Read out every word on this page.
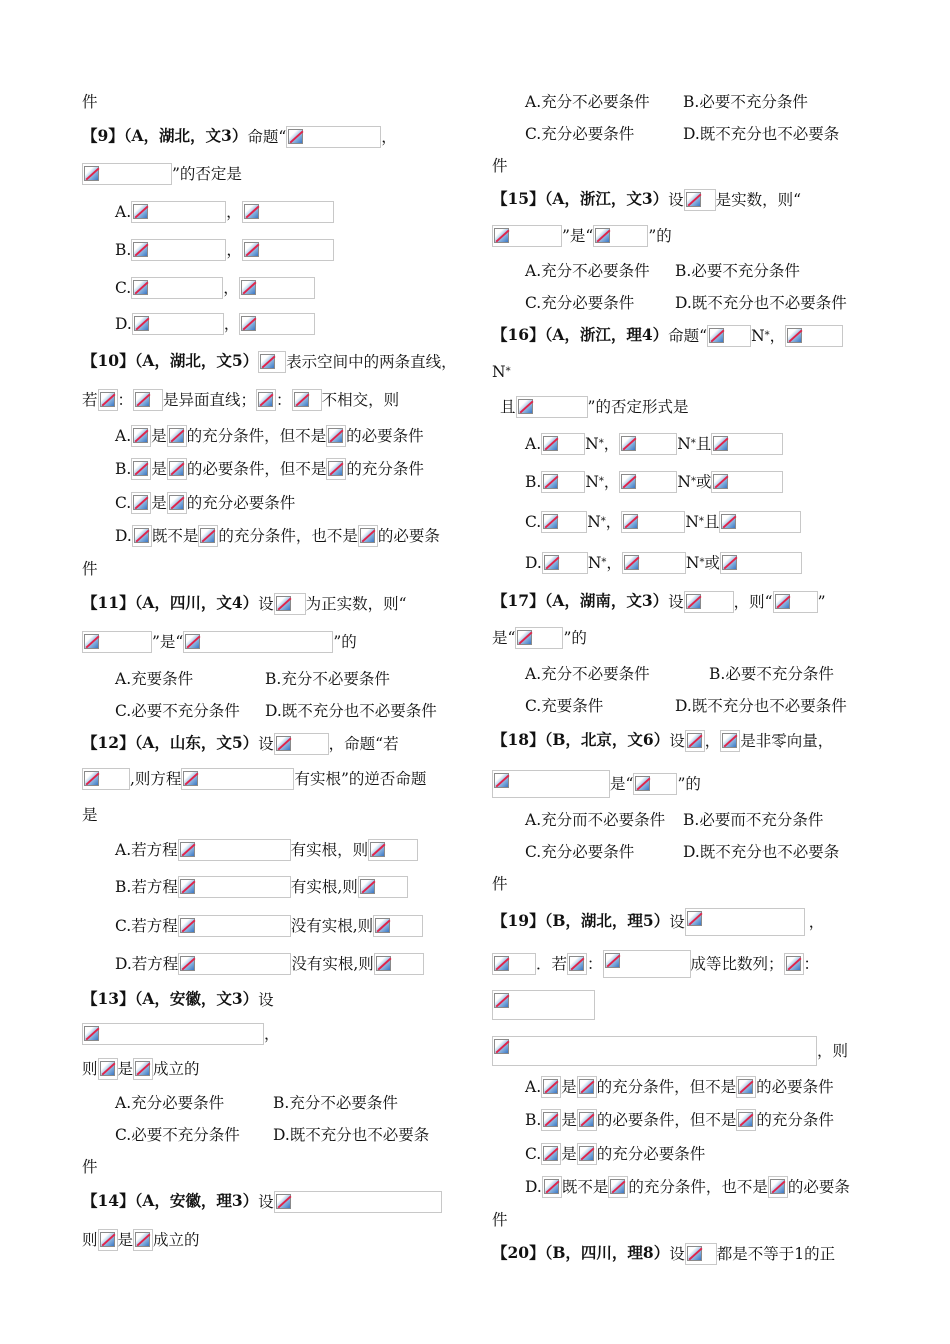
件
【9】（A，湖北，文3）命题“	，
”的否定是
A.	，
B.	，
C.	，
D.	，
【10】（A，湖北，文5） 表示空间中的两条直线，
若 ： 是异面直线； ： 不相交，则
A. 是 的充分条件，但不是 的必要条件
B. 是 的必要条件，但不是 的充分条件
C. 是 的充分必要条件
D. 既不是 的充分条件，也不是 的必要条
件
【11】（A，四川，文4）设 为正实数，则“
”是“	”的
A.充要条件	B.充分不必要条件
C.必要不充分条件 D.既不充分也不必要条件
【12】（A，山东，文5）设	，命题“若
,则方程	有实根”的逆否命题
是
A.若方程	有实根，则
B.若方程	有实根,则
C.若方程	没有实根,则
D.若方程	没有实根,则
【13】（A，安徽，文3）设
，
则 是 成立的
A.充分必要条件	B.充分不必要条件
C.必要不充分条件 D.既不充分也不必要条
件
【14】（A，安徽，理3）设
则 是 成立的
A.充分不必要条件 B.必要不充分条件
C.充分必要条件	D.既不充分也不必要条
件
【15】（A，浙江，文3）设 是实数，则“
”是“	”的
A.充分不必要条件 B.必要不充分条件
C.充分必要条件	D.既不充分也不必要条件
【16】（A，浙江，理4）命题“	N*，
N*
且	”的否定形式是
A.	N*，	N*且
B.	N*，	N*或
C.	N*，	N*且
D.	N*，	N*或
【17】（A，湖南，文3）设	，则“	”
是“	”的
A.充分不必要条件	B.必要不充分条件
C.充要条件	D.既不充分也不必要条件
【18】（B，北京，文6）设 ， 是非零向量，
是“	”的
A.充分而不必要条件 B.必要而不充分条件
C.充分必要条件	D.既不充分也不必要条
件
【19】（B，湖北，理5）设	，
．若 ：	成等比数列； ：
，则
A. 是 的充分条件，但不是 的必要条件
B. 是 的必要条件，但不是 的充分条件
C. 是 的充分必要条件
D. 既不是 的充分条件，也不是 的必要条
件
【20】（B，四川，理8）设 都是不等于1的正
